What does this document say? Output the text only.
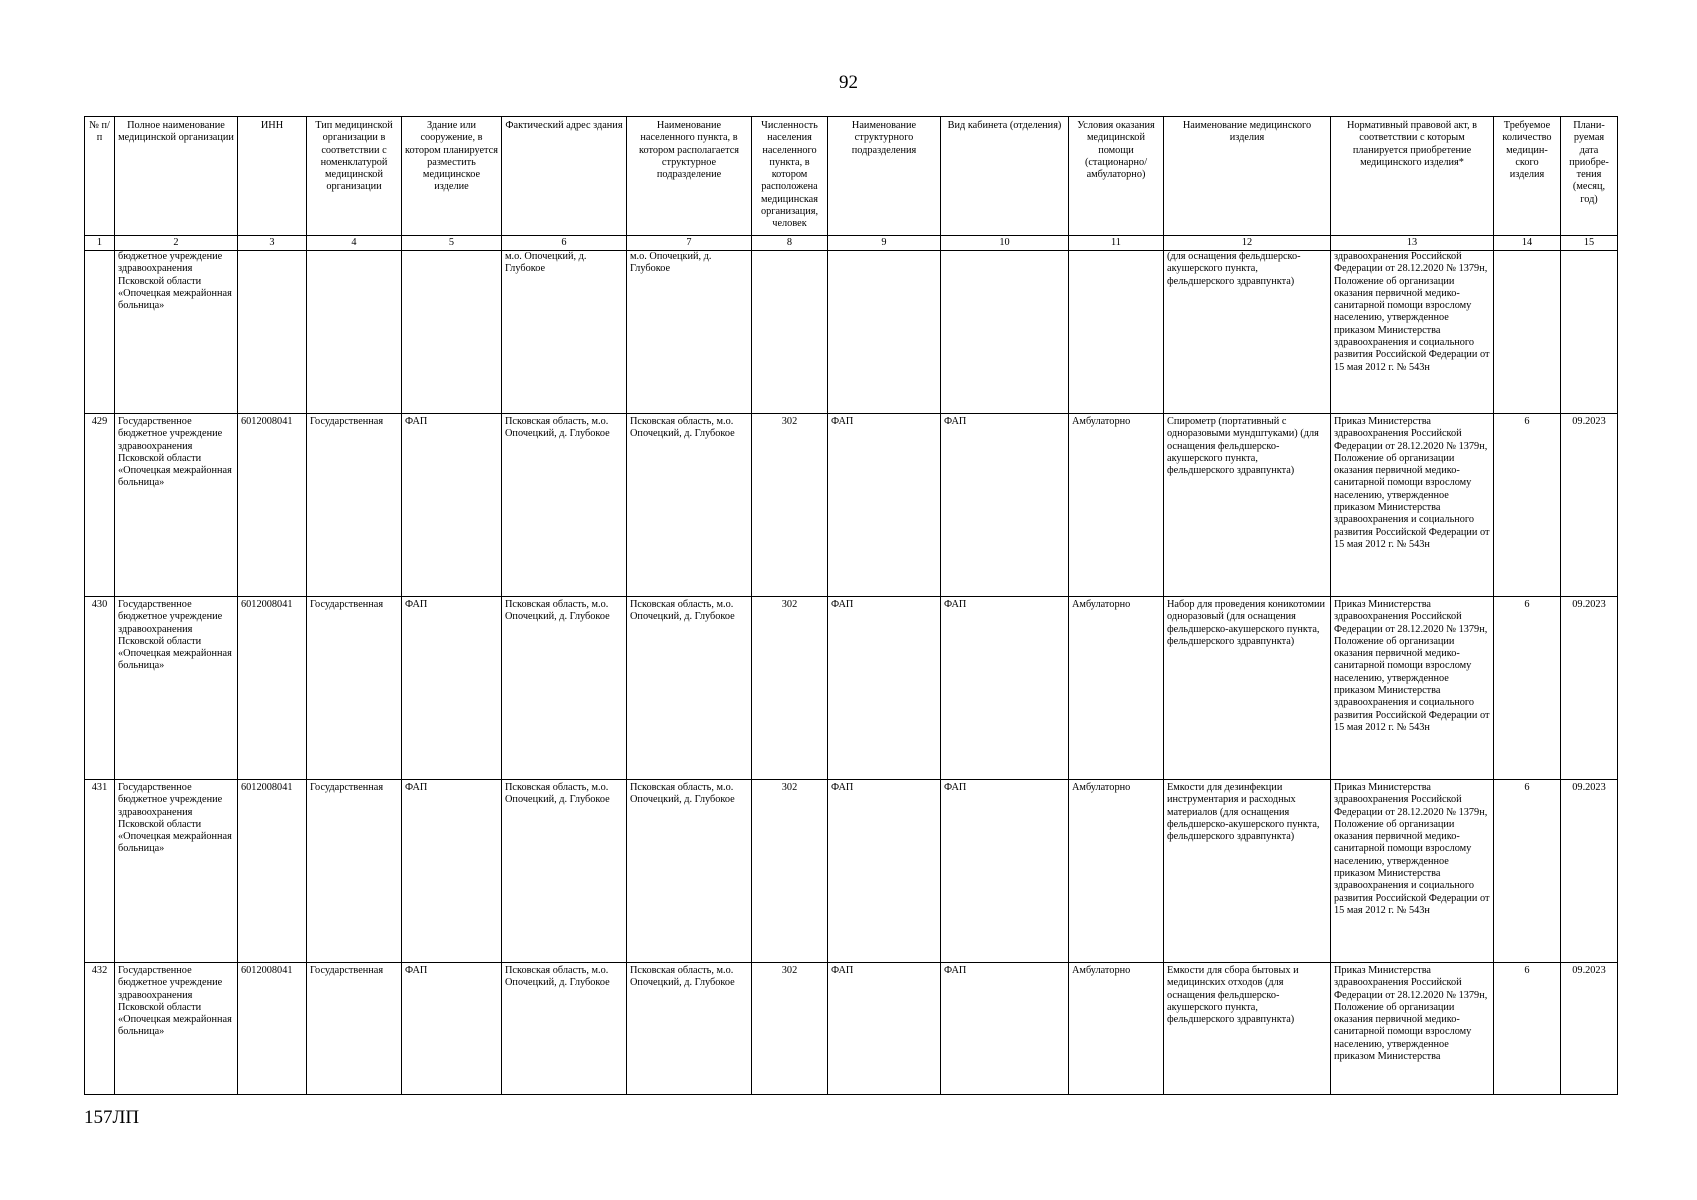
92
№ п/п	Полное наименование медицинской организации	ИНН	Тип медицинской организации в соответствии с номенклатурой медицинской организации	Здание или сооружение, в котором планируется разместить медицинское изделие	Фактический адрес здания	Наименование населенного пункта, в котором располагается структурное подразделение	Численность населения населенного пункта, в котором расположена медицинская организация, человек	Наименование структурного подразделения	Вид кабинета (отделения)	Условия оказания медицинской помощи (стационарно/ амбулаторно)	Наименование медицинского изделия	Нормативный правовой акт, в соответствии с которым планируется приобретение медицинского изделия*	Требуемое количество медицин-ского изделия	Плани-руемая дата приобре-тения (месяц, год)
1	2	3	4	5	6	7	8	9	10	11	12	13	14	15
	бюджетное учреждение здравоохранения Псковской области «Опочецкая межрайонная больница»				м.о. Опочецкий, д. Глубокое	м.о. Опочецкий, д. Глубокое					(для оснащения фельдшерско-акушерского пункта, фельдшерского здравпункта)	здравоохранения Российской Федерации от 28.12.2020 № 1379н, Положение об организации оказания первичной медико-санитарной помощи взрослому населению, утвержденное приказом Министерства здравоохранения и социального развития Российской Федерации от 15 мая 2012 г. № 543н		
429	Государственное бюджетное учреждение здравоохранения Псковской области «Опочецкая межрайонная больница»	6012008041	Государственная	ФАП	Псковская область, м.о. Опочецкий, д. Глубокое	Псковская область, м.о. Опочецкий, д. Глубокое	302	ФАП	ФАП	Амбулаторно	Спирометр (портативный с одноразовыми мундштуками) (для оснащения фельдшерско-акушерского пункта, фельдшерского здравпункта)	Приказ Министерства здравоохранения Российской Федерации от 28.12.2020 № 1379н, Положение об организации оказания первичной медико-санитарной помощи взрослому населению, утвержденное приказом Министерства здравоохранения и социального развития Российской Федерации от 15 мая 2012 г. № 543н	6	09.2023
430	Государственное бюджетное учреждение здравоохранения Псковской области «Опочецкая межрайонная больница»	6012008041	Государственная	ФАП	Псковская область, м.о. Опочецкий, д. Глубокое	Псковская область, м.о. Опочецкий, д. Глубокое	302	ФАП	ФАП	Амбулаторно	Набор для проведения коникотомии одноразовый (для оснащения фельдшерско-акушерского пункта, фельдшерского здравпункта)	Приказ Министерства здравоохранения Российской Федерации от 28.12.2020 № 1379н, Положение об организации оказания первичной медико-санитарной помощи взрослому населению, утвержденное приказом Министерства здравоохранения и социального развития Российской Федерации от 15 мая 2012 г. № 543н	6	09.2023
431	Государственное бюджетное учреждение здравоохранения Псковской области «Опочецкая межрайонная больница»	6012008041	Государственная	ФАП	Псковская область, м.о. Опочецкий, д. Глубокое	Псковская область, м.о. Опочецкий, д. Глубокое	302	ФАП	ФАП	Амбулаторно	Емкости для дезинфекции инструментария и расходных материалов (для оснащения фельдшерско-акушерского пункта, фельдшерского здравпункта)	Приказ Министерства здравоохранения Российской Федерации от 28.12.2020 № 1379н, Положение об организации оказания первичной медико-санитарной помощи взрослому населению, утвержденное приказом Министерства здравоохранения и социального развития Российской Федерации от 15 мая 2012 г. № 543н	6	09.2023
432	Государственное бюджетное учреждение здравоохранения Псковской области «Опочецкая межрайонная больница»	6012008041	Государственная	ФАП	Псковская область, м.о. Опочецкий, д. Глубокое	Псковская область, м.о. Опочецкий, д. Глубокое	302	ФАП	ФАП	Амбулаторно	Емкости для сбора бытовых и медицинских отходов (для оснащения фельдшерско-акушерского пункта, фельдшерского здравпункта)	Приказ Министерства здравоохранения Российской Федерации от 28.12.2020 № 1379н, Положение об организации оказания первичной медико-санитарной помощи взрослому населению, утвержденное приказом Министерства	6	09.2023
157ЛП
